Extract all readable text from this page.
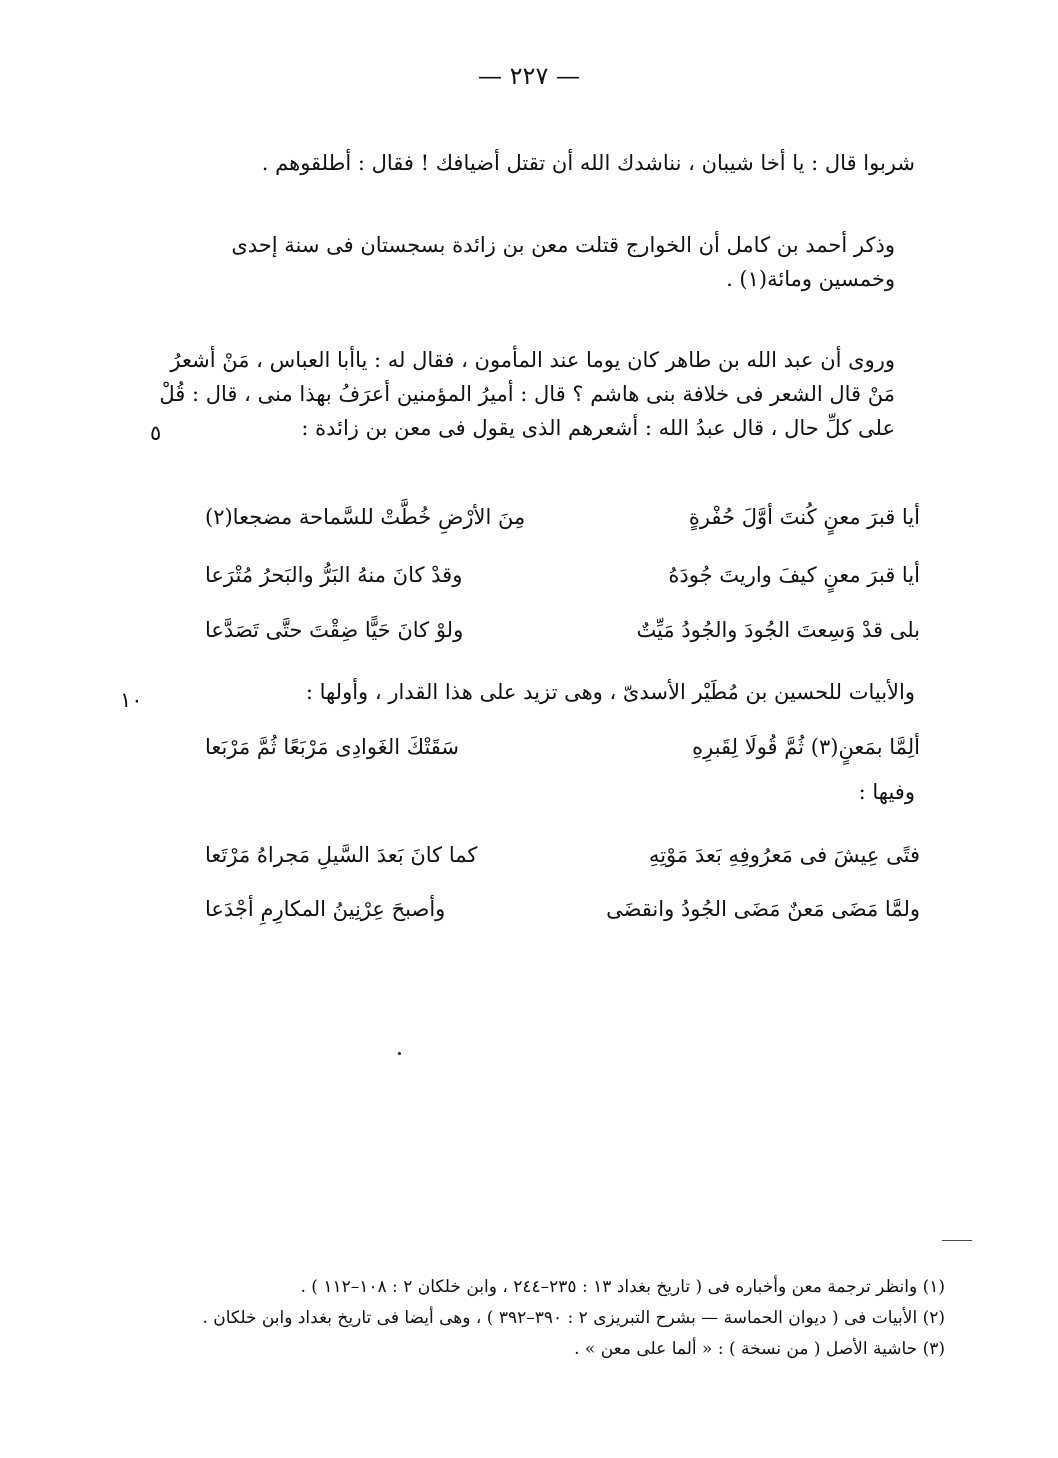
— ٢٢٧ —

شربوا قال : يا أخا شيبان ، نناشدك الله أن تقتل أضيافك ! فقال : أطلقوهم .

وذكر أحمد بن كامل أن الخوارج قتلت معن بن زائدة بسجستان فى سنة إحدى وخمسين ومائة(١) .

وروى أن عبد الله بن طاهر كان يوما عند المأمون ، فقال له : ياأبا العباس ، مَنْ أشعرُ مَنْ قال الشعر فى خلافة بنى هاشم ؟ قال : أميرُ المؤمنين أعرَفُ بهذا منى ، قال : قُلْ على كلِّ حال ، قال عبدُ الله : أشعرهم الذى يقول فى معن بن زائدة :

٥
أيا قبرَ معنٍ كُنتَ أوَّلَ حُفْرةٍ
مِنَ الأرْضِ خُطَّتْ للسَّماحة مضجعا(٢)
أيا قبرَ معنٍ كيفَ واريتَ جُودَهُ
وقدْ كانَ منهُ البَرُّ والبَحرُ مُتْرَعا
بلى قدْ وَسِعتَ الجُودَ والجُودُ مَيِّتٌ
ولوْ كانَ حَيًّا ضِقْتَ حتَّى تَصَدَّعا

والأبيات للحسين بن مُطَيْر الأسدىّ ، وهى تزيد على هذا القدار ، وأولها :

١٠
ألِمَّا بمَعنٍ(٣) ثُمَّ قُولَا لِقَبرِهِ
سَقَتْكَ الغَوادِى مَرْبَعًا ثُمَّ مَرْبَعا

وفيها :

فتًى عِيشَ فى مَعرُوفِهِ بَعدَ مَوْتِهِ
كما كانَ بَعدَ السَّيلِ مَجراهُ مَرْتَعا
ولمَّا مَضَى مَعنٌ مَضَى الجُودُ وانقضَى
وأصبحَ عِرْنِينُ المكارِمِ أجْدَعا

(١) وانظر ترجمة معن وأخباره فى ( تاريخ بغداد ١٣ : ٢٣٥–٢٤٤ ، وابن خلكان ٢ : ١٠٨–١١٢ ) .

(٢) الأبيات فى ( ديوان الحماسة — بشرح التبريزى ٢ : ٣٩٠–٣٩٢ ) ، وهى أيضا فى تاريخ بغداد وابن خلكان .

(٣) حاشية الأصل ( من نسخة ) : « ألما على معن » .
